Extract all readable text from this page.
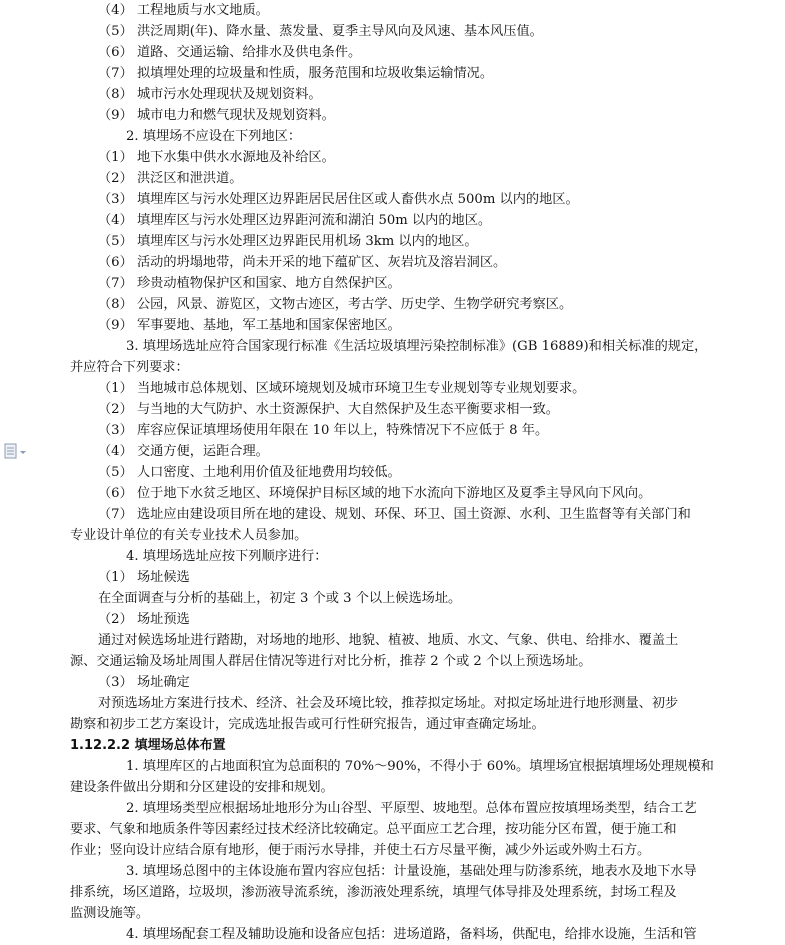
（4） 工程地质与水文地质。
（5） 洪泛周期(年)、降水量、蒸发量、夏季主导风向及风速、基本风压值。
（6） 道路、交通运输、给排水及供电条件。
（7） 拟填埋处理的垃圾量和性质，服务范围和垃圾收集运输情况。
（8） 城市污水处理现状及规划资料。
（9） 城市电力和燃气现状及规划资料。
2. 填埋场不应设在下列地区：
（1） 地下水集中供水水源地及补给区。
（2） 洪泛区和泄洪道。
（3） 填埋库区与污水处理区边界距居民居住区或人畜供水点 500m 以内的地区。
（4） 填埋库区与污水处理区边界距河流和湖泊 50m 以内的地区。
（5） 填埋库区与污水处理区边界距民用机场 3km 以内的地区。
（6） 活动的坍塌地带，尚未开采的地下蕴矿区、灰岩坑及溶岩洞区。
（7） 珍贵动植物保护区和国家、地方自然保护区。
（8） 公园，风景、游览区，文物古迹区，考古学、历史学、生物学研究考察区。
（9） 军事要地、基地，军工基地和国家保密地区。
3. 填埋场选址应符合国家现行标准《生活垃圾填埋污染控制标准》(GB 16889)和相关标准的规定，
并应符合下列要求：
（1） 当地城市总体规划、区域环境规划及城市环境卫生专业规划等专业规划要求。
（2） 与当地的大气防护、水土资源保护、大自然保护及生态平衡要求相一致。
（3） 库容应保证填埋场使用年限在 10 年以上，特殊情况下不应低于 8 年。
（4） 交通方便，运距合理。
（5） 人口密度、土地利用价值及征地费用均较低。
（6） 位于地下水贫乏地区、环境保护目标区域的地下水流向下游地区及夏季主导风向下风向。
（7） 选址应由建设项目所在地的建设、规划、环保、环卫、国土资源、水利、卫生监督等有关部门和
专业设计单位的有关专业技术人员参加。
4. 填埋场选址应按下列顺序进行：
（1） 场址候选
在全面调查与分析的基础上，初定 3 个或 3 个以上候选场址。
（2） 场址预选
通过对候选场址进行踏勘，对场地的地形、地貌、植被、地质、水文、气象、供电、给排水、覆盖土
源、交通运输及场址周围人群居住情况等进行对比分析，推荐 2 个或 2 个以上预选场址。
（3） 场址确定
对预选场址方案进行技术、经济、社会及环境比较，推荐拟定场址。对拟定场址进行地形测量、初步
勘察和初步工艺方案设计，完成选址报告或可行性研究报告，通过审查确定场址。
1.12.2.2 填埋场总体布置
1. 填埋库区的占地面积宜为总面积的 70%～90%，不得小于 60%。填埋场宜根据填埋场处理规模和
建设条件做出分期和分区建设的安排和规划。
2. 填埋场类型应根据场址地形分为山谷型、平原型、坡地型。总体布置应按填埋场类型，结合工艺
要求、气象和地质条件等因素经过技术经济比较确定。总平面应工艺合理，按功能分区布置，便于施工和
作业；竖向设计应结合原有地形，便于雨污水导排，并使土石方尽量平衡，减少外运或外购土石方。
3. 填埋场总图中的主体设施布置内容应包括：计量设施，基础处理与防渗系统，地表水及地下水导
排系统，场区道路，垃圾坝，渗沥液导流系统，渗沥液处理系统，填埋气体导排及处理系统，封场工程及
监测设施等。
4. 填埋场配套工程及辅助设施和设备应包括：进场道路，备料场，供配电，给排水设施，生活和管
